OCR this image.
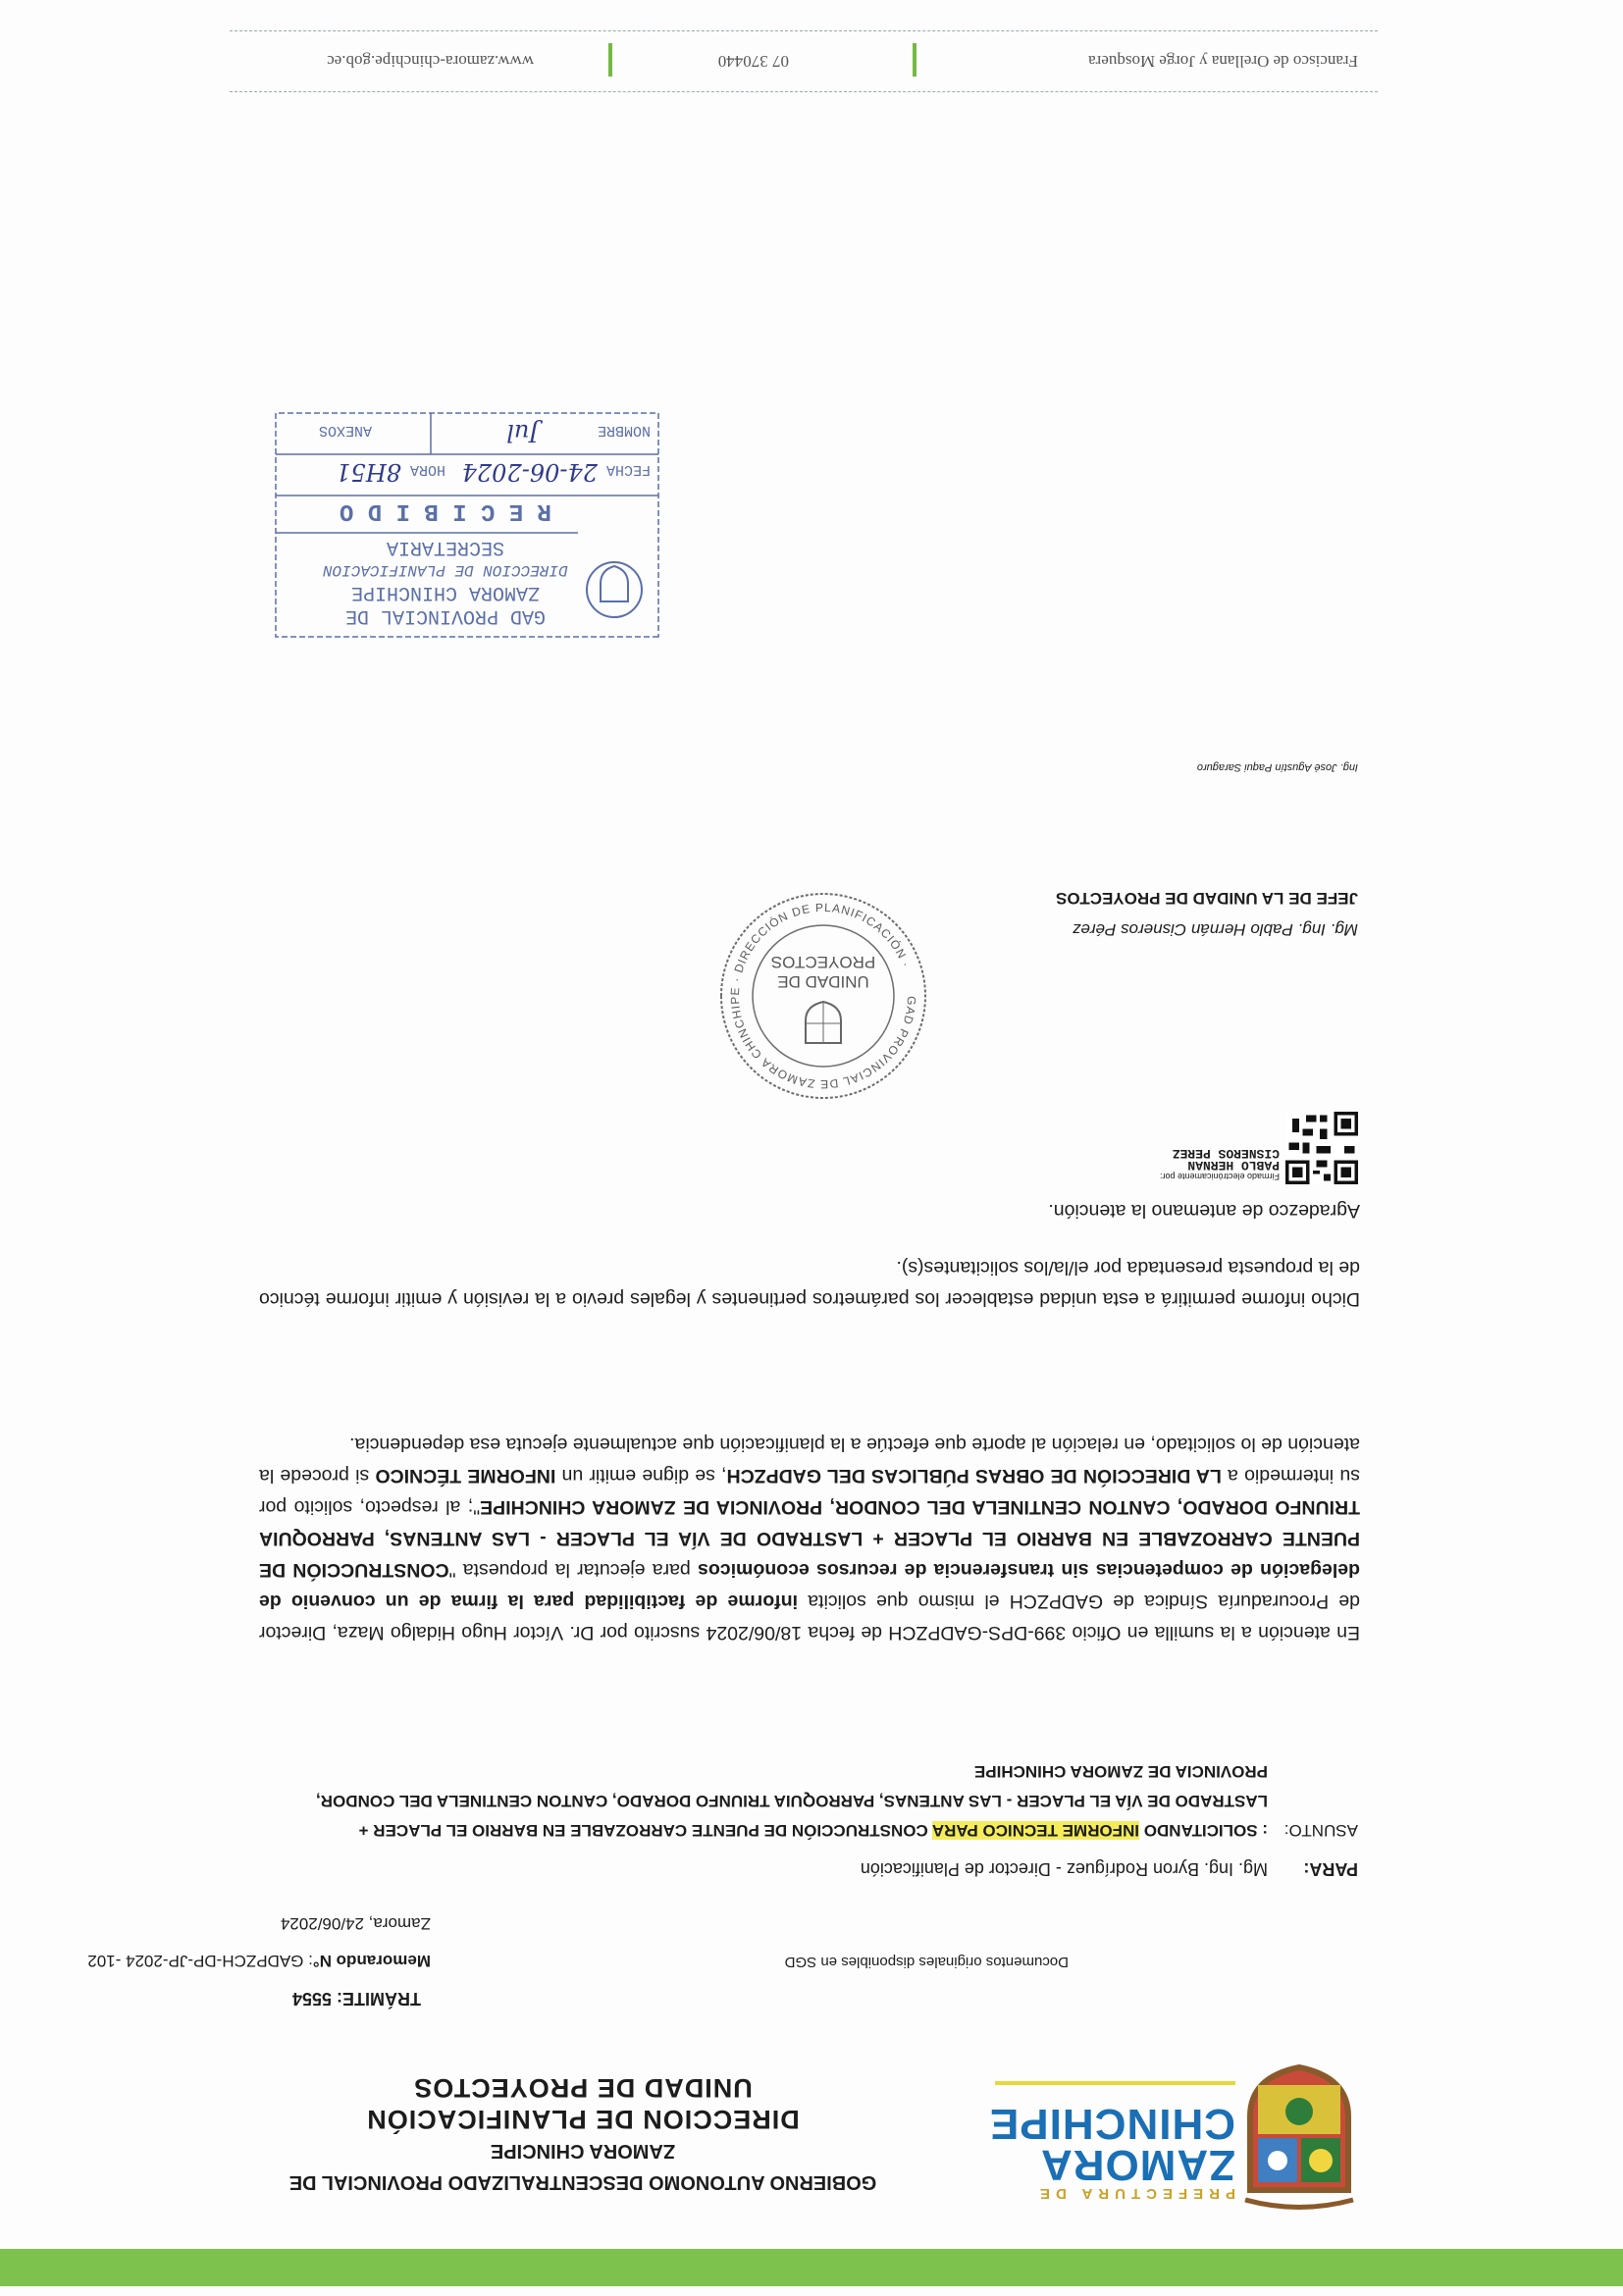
PREFECTURA DE
ZAMORA
CHINCHIPE
GOBIERNO AUTONOMO DESCENTRALIZADO PROVINCIAL DE
ZAMORA CHINCIPE
DIRECCION DE PLANIFICACIÓN
UNIDAD DE PROYECTOS
TRÁMITE: 5554
Documentos originales disponibles en SGD
Memorando N°: GADPZCH-DP-JP-2024 -102
Zamora, 24/06/2024
PARA:Mg. Ing. Byron Rodríguez - Director de Planificación
ASUNTO:
: SOLICITANDO INFORME TECNICO PARA CONSTRUCCIÓN DE PUENTE CARROZABLE EN BARRIO EL PLACER + LASTRADO DE VÍA EL PLACER - LAS ANTENAS, PARROQUIA TRIUNFO DORADO, CANTON CENTINELA DEL CONDOR, PROVINCIA DE ZAMORA CHINCHIPE
En atención a la sumilla en Oficio 399-DPS-GADPZCH de fecha 18/06/2024 suscrito por Dr. Víctor Hugo Hidalgo Maza, Director de Procuraduría Síndica de GADPZCH el mismo que solicita informe de factibilidad para la firma de un convenio de delegación de competencias sin transferencia de recursos económicos para ejecutar la propuesta "CONSTRUCCIÓN DE PUENTE CARROZABLE EN BARRIO EL PLACER + LASTRADO DE VÍA EL PLACER - LAS ANTENAS, PARROQUIA TRIUNFO DORADO, CANTON CENTINELA DEL CONDOR, PROVINCIA DE ZAMORA CHINCHIPE"; al respecto, solicito por su intermedio a LA DIRECCIÓN DE OBRAS PÚBLICAS DEL GADPZCH, se digne emitir un INFORME TÉCNICO si procede la atención de lo solicitado, en relación al aporte que efectúe a la planificación que actualmente ejecuta esa dependencia.
Dicho informe permitirá a esta unidad establecer los parámetros pertinentes y legales previo a la revisión y emitir informe técnico de la propuesta presentada por el/la/los solicitantes(s).
Agradezco de antemano la atención.
Firmado electrónicamente por:
PABLO HERNAN
CISNEROS PEREZ
GAD PROVINCIAL DE ZAMORA CHINCHIPE · DIRECCIÓN DE PLANIFICACIÓN ·
UNIDAD DE
PROYECTOS
Mg. Ing. Pablo Hernán Cisneros Pérez
JEFE DE LA UNIDAD DE PROYECTOS
Ing. José Agustín Paqui Saraguro
GAD PROVINCIAL DE
ZAMORA CHINCHIPE
DIRECCION DE PLANIFICACION
SECRETARIA
R E C I B I D O
FECHA
24-06-2024
HORA
8H51
NOMBRE
Jul
ANEXOS
Francisco de Orellana y Jorge Mosquera
07 370440
www.zamora-chinchipe.gob.ec
